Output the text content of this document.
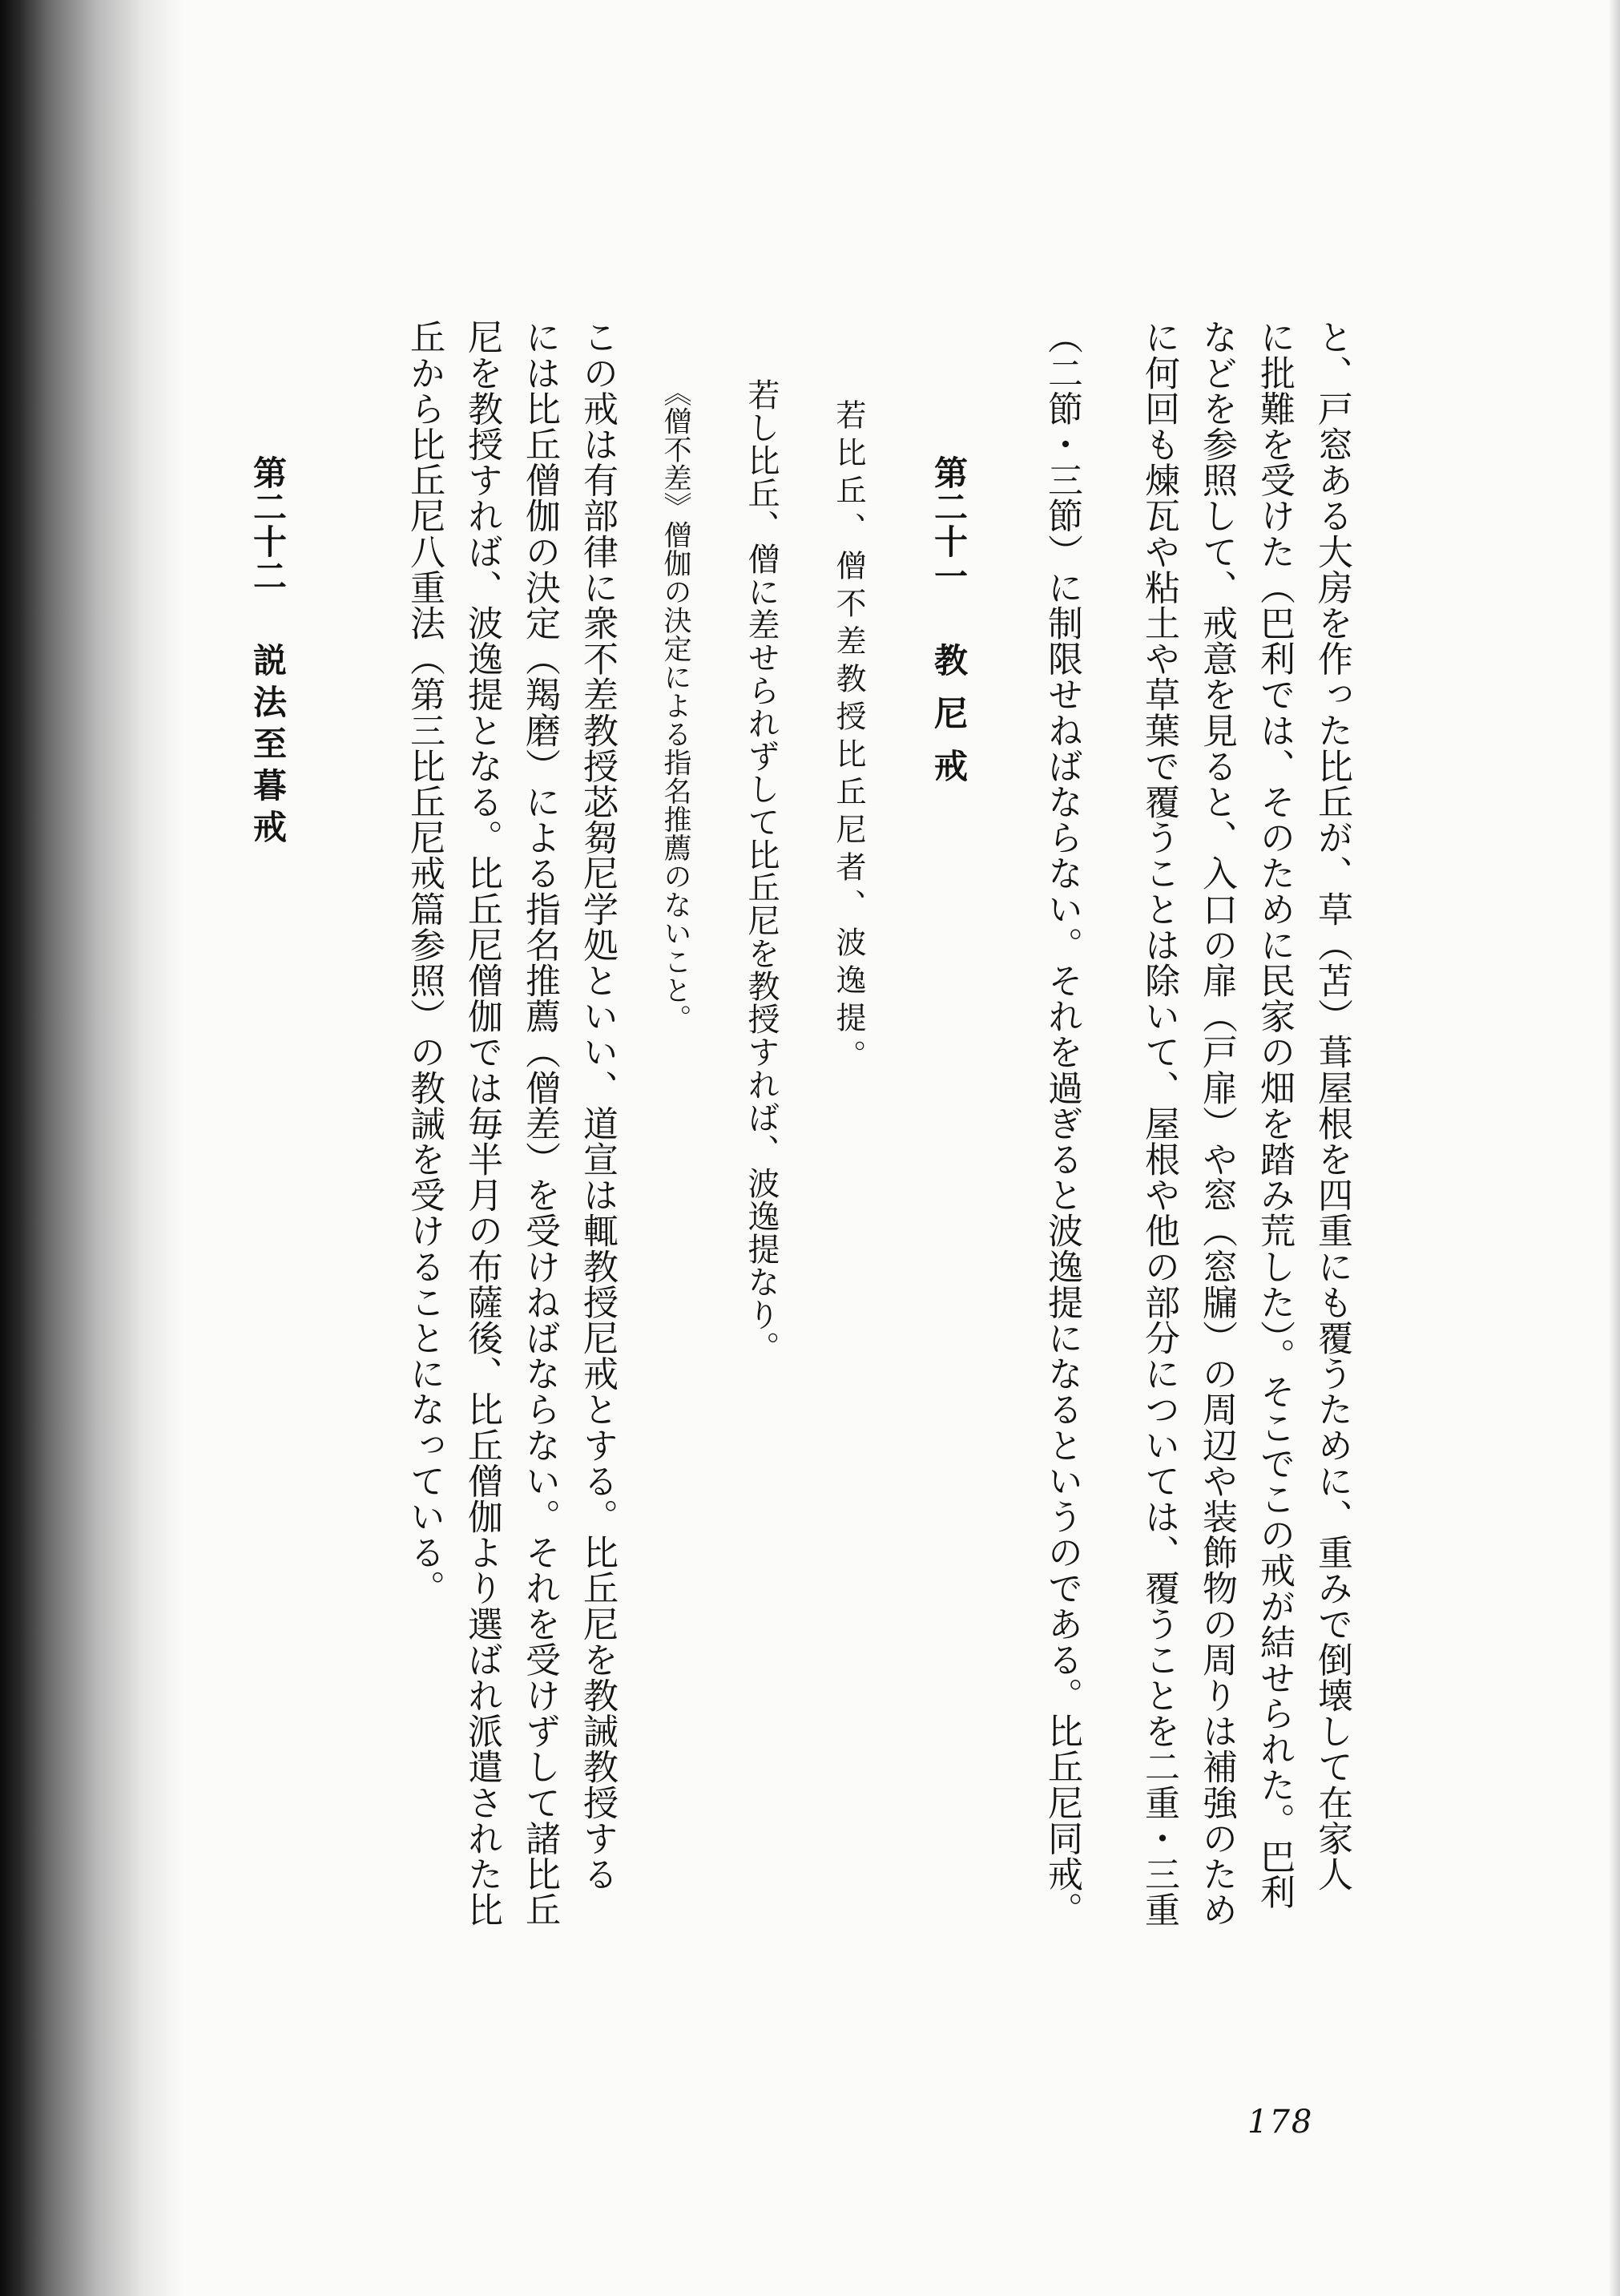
と、戸窓ある大房を作った比丘が、草（苫）葺屋根を四重にも覆うために、重みで倒壊して在家人

に批難を受けた（巴利では、そのために民家の畑を踏み荒した）。そこでこの戒が結せられた。巴利

などを参照して、戒意を見ると、入口の扉（戸扉）や窓（窓牖）の周辺や装飾物の周りは補強のため

に何回も煉瓦や粘土や草葉で覆うことは除いて、屋根や他の部分については、覆うことを二重・三重

（二節・三節）に制限せねばならない。それを過ぎると波逸提になるというのである。比丘尼同戒。

第二十一教尼戒

若比丘、僧不差教授比丘尼者、波逸提。

若し比丘、僧に差せられずして比丘尼を教授すれば、波逸提なり。

《僧不差》僧伽の決定による指名推薦のないこと。

この戒は有部律に衆不差教授苾芻尼学処といい、道宣は輒教授尼戒とする。比丘尼を教誡教授する

には比丘僧伽の決定（羯磨）による指名推薦（僧差）を受けねばならない。それを受けずして諸比丘

尼を教授すれば、波逸提となる。比丘尼僧伽では毎半月の布薩後、比丘僧伽より選ばれ派遣された比

丘から比丘尼八重法（第三比丘尼戒篇参照）の教誡を受けることになっている。

第二十二説法至暮戒
178
